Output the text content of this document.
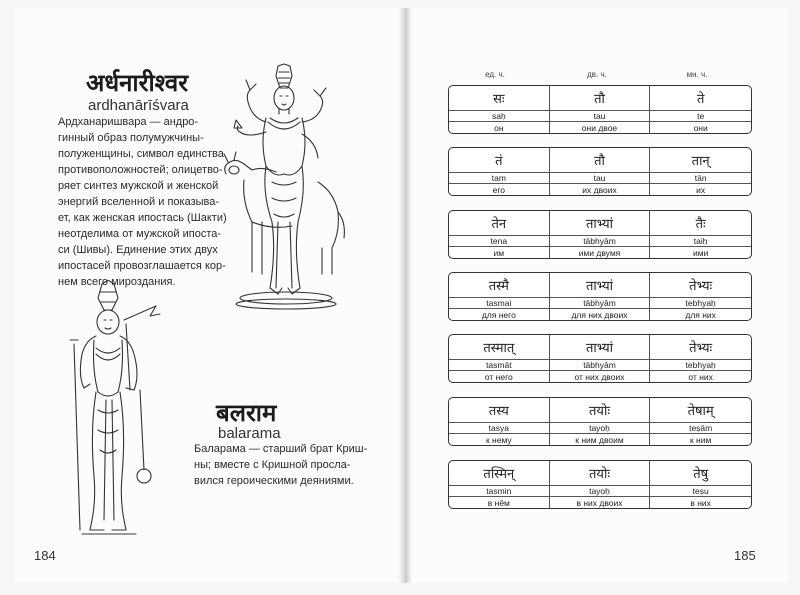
अर्धनारीश्वर
ardhanārīśvara
Ардханаришвара — андро-
гинный образ полумужчины-
полуженщины, символ единства
противоположностей; олицетво-
ряет синтез мужской и женской
энергий вселенной и показыва-
ет, как женская ипостась (Шакти)
неотделима от мужской ипоста-
си (Шивы). Единение этих двух
ипостасей провозглашается кор-
нем всего мироздания.
बलराम
balarama
Баларама — старший брат Криш-
ны; вместе с Кришной просла-
вился героическими деяниями.
184
ед. ч.	дв. ч.	мн. ч.
सः	तौ	ते
saḥ	tau	te
он	они двое	они
तं	तौ	तान्
tam	tau	tān
его	их двоих	их
तेन	ताभ्यां	तैः
tena	tābhyām	taiḥ
им	ими двумя	ими
तस्मै	ताभ्यां	तेभ्यः
tasmai	tābhyām	tebhyaḥ
для него	для них двоих	для них
तस्मात्	ताभ्यां	तेभ्यः
tasmāt	tābhyām	tebhyaḥ
от него	от них двоих	от них
तस्य	तयोः	तेषाम्
tasya	tayoḥ	teṣām
к нему	к ним двоим	к ним
तस्मिन्	तयोः	तेषु
tasmin	tayoḥ	teṣu
в нём	в них двоих	в них
185
